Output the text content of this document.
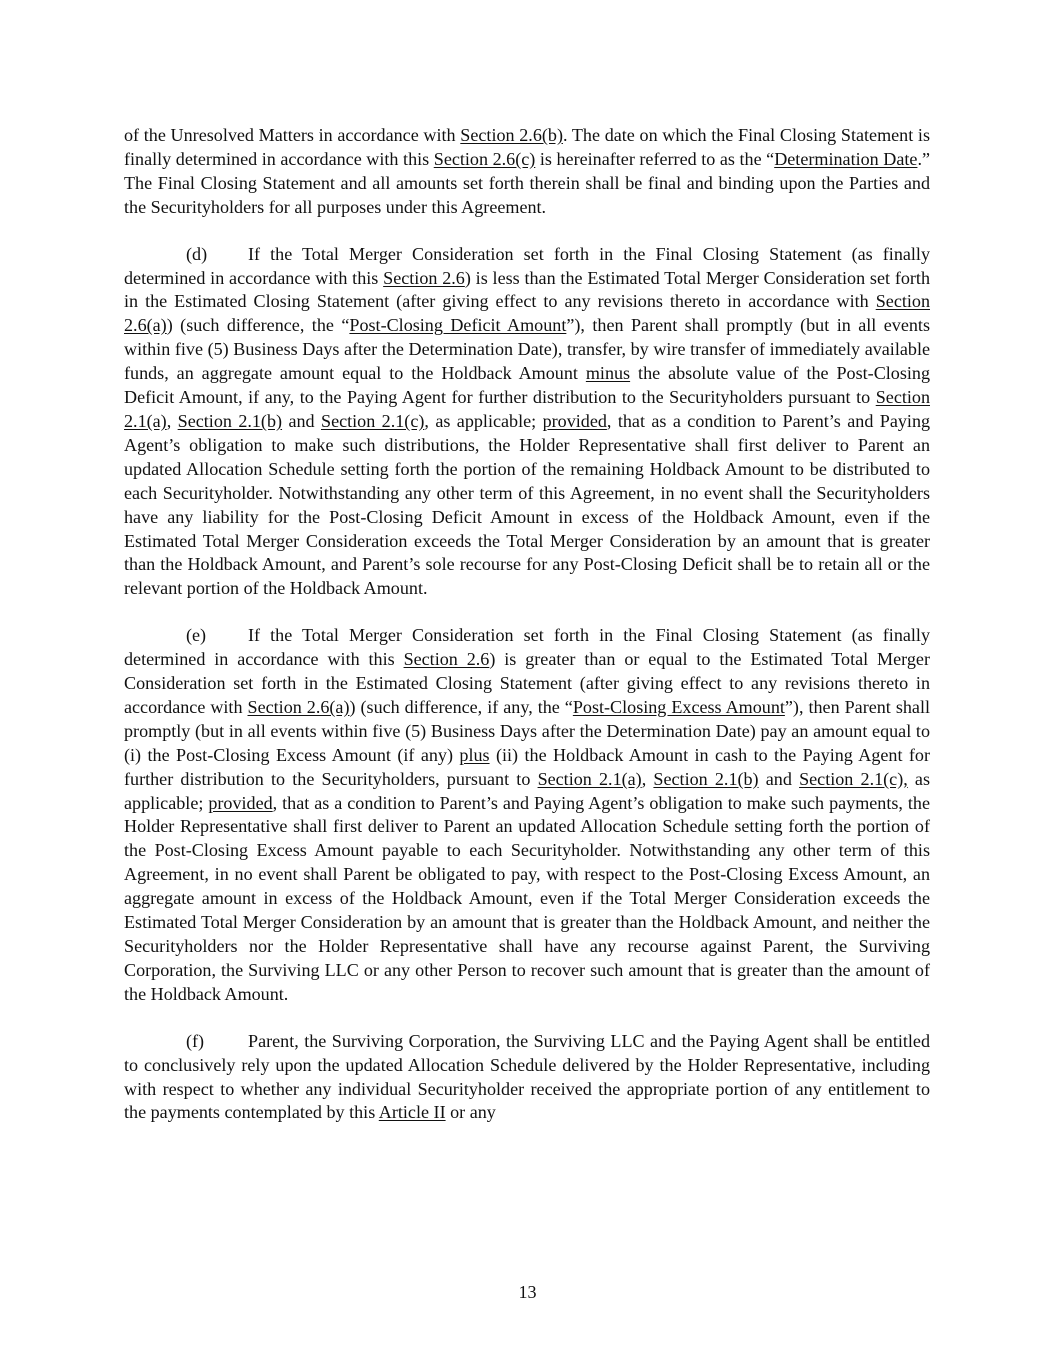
of the Unresolved Matters in accordance with Section 2.6(b). The date on which the Final Closing Statement is finally determined in accordance with this Section 2.6(c) is hereinafter referred to as the “Determination Date.” The Final Closing Statement and all amounts set forth therein shall be final and binding upon the Parties and the Securityholders for all purposes under this Agreement.

(d) If the Total Merger Consideration set forth in the Final Closing Statement (as finally determined in accordance with this Section 2.6) is less than the Estimated Total Merger Consideration set forth in the Estimated Closing Statement (after giving effect to any revisions thereto in accordance with Section 2.6(a)) (such difference, the “Post-Closing Deficit Amount”), then Parent shall promptly (but in all events within five (5) Business Days after the Determination Date), transfer, by wire transfer of immediately available funds, an aggregate amount equal to the Holdback Amount minus the absolute value of the Post-Closing Deficit Amount, if any, to the Paying Agent for further distribution to the Securityholders pursuant to Section 2.1(a), Section 2.1(b) and Section 2.1(c), as applicable; provided, that as a condition to Parent’s and Paying Agent’s obligation to make such distributions, the Holder Representative shall first deliver to Parent an updated Allocation Schedule setting forth the portion of the remaining Holdback Amount to be distributed to each Securityholder. Notwithstanding any other term of this Agreement, in no event shall the Securityholders have any liability for the Post-Closing Deficit Amount in excess of the Holdback Amount, even if the Estimated Total Merger Consideration exceeds the Total Merger Consideration by an amount that is greater than the Holdback Amount, and Parent’s sole recourse for any Post-Closing Deficit shall be to retain all or the relevant portion of the Holdback Amount.

(e) If the Total Merger Consideration set forth in the Final Closing Statement (as finally determined in accordance with this Section 2.6) is greater than or equal to the Estimated Total Merger Consideration set forth in the Estimated Closing Statement (after giving effect to any revisions thereto in accordance with Section 2.6(a)) (such difference, if any, the “Post-Closing Excess Amount”), then Parent shall promptly (but in all events within five (5) Business Days after the Determination Date) pay an amount equal to (i) the Post-Closing Excess Amount (if any) plus (ii) the Holdback Amount in cash to the Paying Agent for further distribution to the Securityholders, pursuant to Section 2.1(a), Section 2.1(b) and Section 2.1(c), as applicable; provided, that as a condition to Parent’s and Paying Agent’s obligation to make such payments, the Holder Representative shall first deliver to Parent an updated Allocation Schedule setting forth the portion of the Post-Closing Excess Amount payable to each Securityholder. Notwithstanding any other term of this Agreement, in no event shall Parent be obligated to pay, with respect to the Post-Closing Excess Amount, an aggregate amount in excess of the Holdback Amount, even if the Total Merger Consideration exceeds the Estimated Total Merger Consideration by an amount that is greater than the Holdback Amount, and neither the Securityholders nor the Holder Representative shall have any recourse against Parent, the Surviving Corporation, the Surviving LLC or any other Person to recover such amount that is greater than the amount of the Holdback Amount.

(f) Parent, the Surviving Corporation, the Surviving LLC and the Paying Agent shall be entitled to conclusively rely upon the updated Allocation Schedule delivered by the Holder Representative, including with respect to whether any individual Securityholder received the appropriate portion of any entitlement to the payments contemplated by this Article II or any

13
